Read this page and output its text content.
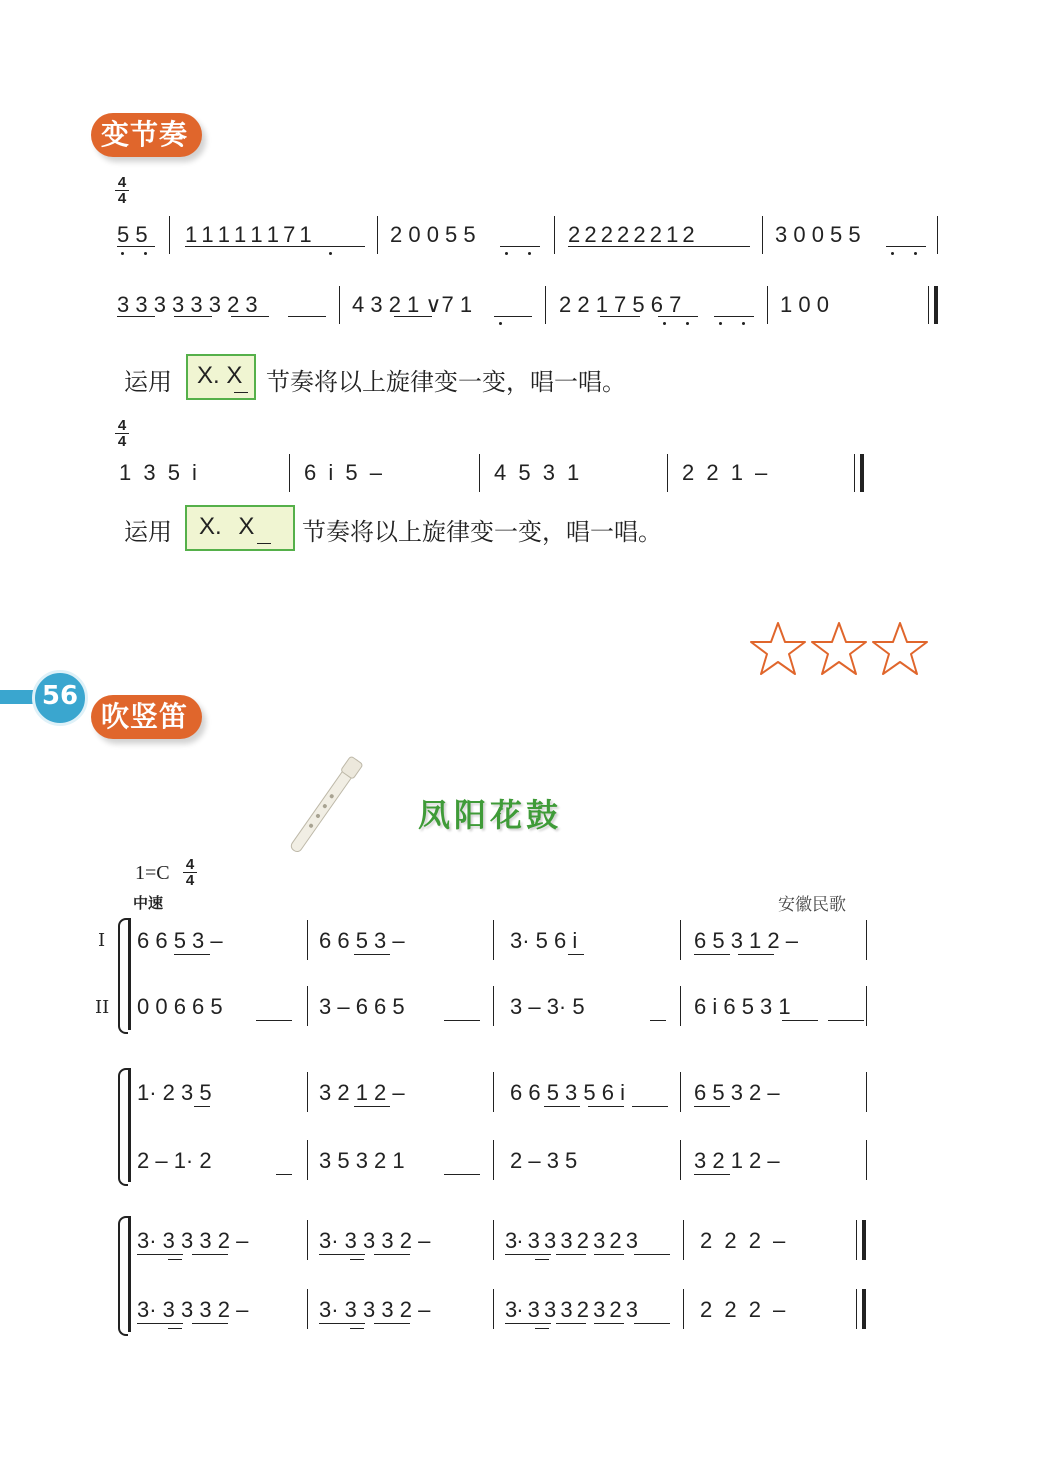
变节奏
4
4
5 5 1 1 1 1 1 1 7 1	2 0 0 5 5	2 2 2 2 2 2 1 2	3 0 0 5 5
3 3 3 3 3 3 2 3	4 3 2 1 ∨7 1	2 2 1 7 5 6 7	1 0 0
运用 X. X 节奏将以上旋律变一变，唱一唱。
4
4
1 3 5 i	6 i 5 –	4 5 3 1	2 2 1 –
运用 X. X 节奏将以上旋律变一变，唱一唱。
56
吹竖笛
凤阳花鼓
1=C 4
4
中速	安徽民歌
I
II
6 6 5 3 –	6 6 5 3 –	3· 5 6 i	6 5 3 1 2 –
0 0 6 6 5	3 – 6 6 5	3 – 3· 5	6 i 6 5 3 1
1· 2 3 5	3 2 1 2 –	6 6 5 3 5 6 i	6 5 3 2 –
2 – 1· 2	3 5 3 2 1	2 – 3 5	3 2 1 2 –
3· 3 3 3 2 –	3· 3 3 3 2 –	3· 3 3 3 2 3 2 3	2 2 2 –
3· 3 3 3 2 –	3· 3 3 3 2 –	3· 3 3 3 2 3 2 3	2 2 2 –
